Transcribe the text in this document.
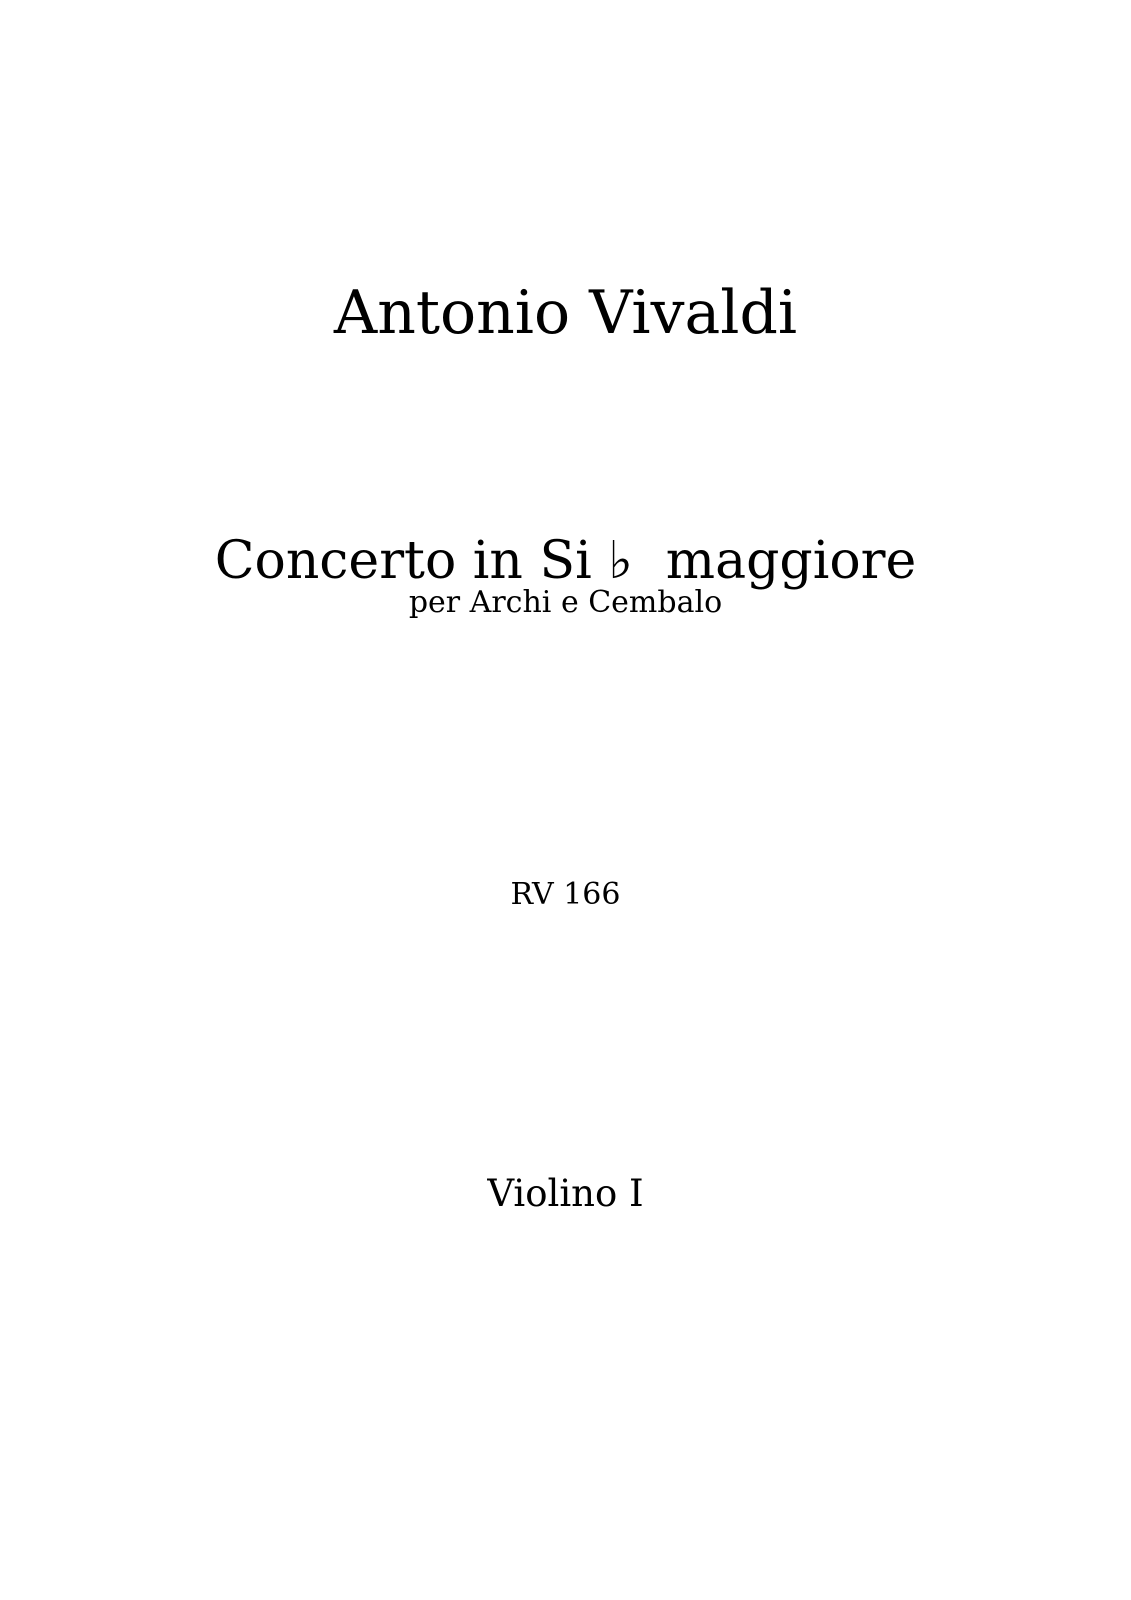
Antonio Vivaldi
Concerto in Si ♭  maggiore
per Archi e Cembalo
RV 166
Violino I
